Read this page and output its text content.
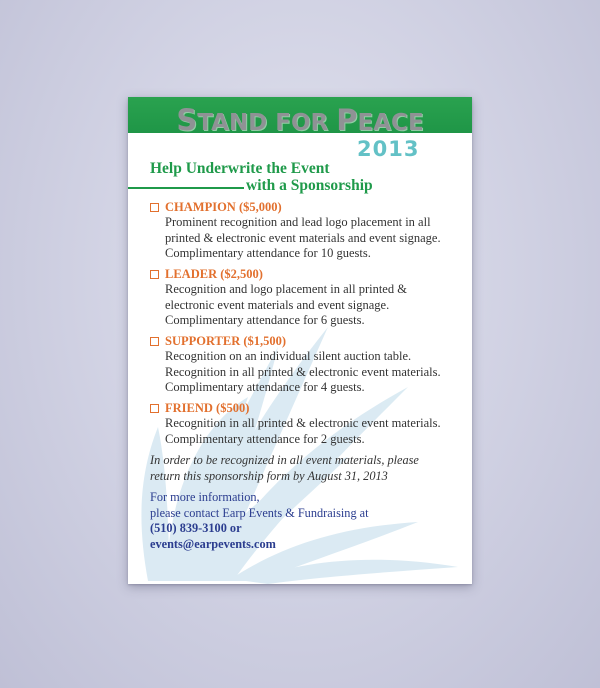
STAND FOR PEACE
2013
Help Underwrite the Event
with a Sponsorship
CHAMPION ($5,000)
Prominent recognition and lead logo placement in all
printed & electronic event materials and event signage.
Complimentary attendance for 10 guests.
LEADER ($2,500)
Recognition and logo placement in all printed &
electronic event materials and event signage.
Complimentary attendance for 6 guests.
SUPPORTER ($1,500)
Recognition on an individual silent auction table.
Recognition in all printed & electronic event materials.
Complimentary attendance for 4 guests.
FRIEND ($500)
Recognition in all printed & electronic event materials.
Complimentary attendance for 2 guests.
In order to be recognized in all event materials, please
return this sponsorship form by August 31, 2013
For more information,
please contact Earp Events & Fundraising at
(510) 839-3100 or
events@earpevents.com
